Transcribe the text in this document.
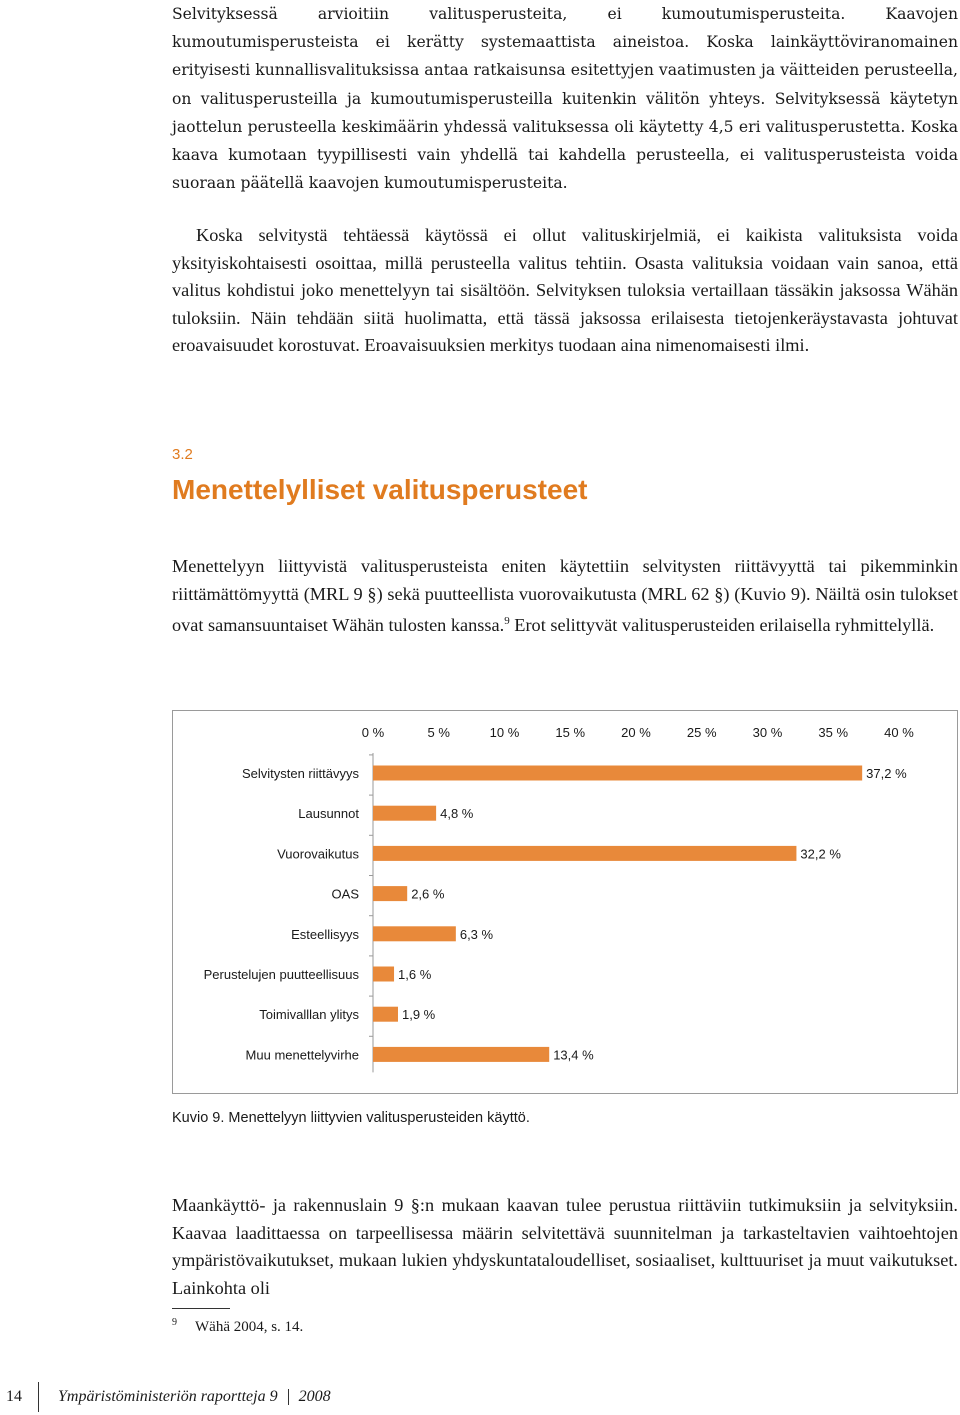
Selvityksessä arvioitiin valitusperusteita, ei kumoutumisperusteita. Kaavojen kumoutumisperusteista ei kerätty systemaattista aineistoa. Koska lainkäyttöviranomainen erityisesti kunnallisvalituksissa antaa ratkaisunsa esitettyjen vaatimusten ja väitteiden perusteella, on valitusperusteilla ja kumoutumisperusteilla kuitenkin välitön yhteys. Selvityksessä käytetyn jaottelun perusteella keskimäärin yhdessä valituksessa oli käytetty 4,5 eri valitusperustetta. Koska kaava kumotaan tyypillisesti vain yhdellä tai kahdella perusteella, ei valitusperusteista voida suoraan päätellä kaavojen kumoutumisperusteita.

Koska selvitystä tehtäessä käytössä ei ollut valituskirjelmiä, ei kaikista valituksista voida yksityiskohtaisesti osoittaa, millä perusteella valitus tehtiin. Osasta valituksia voidaan vain sanoa, että valitus kohdistui joko menettelyyn tai sisältöön. Selvityksen tuloksia vertaillaan tässäkin jaksossa Wähän tuloksiin. Näin tehdään siitä huolimatta, että tässä jaksossa erilaisesta tietojenkeräystavasta johtuvat eroavaisuudet korostuvat. Eroavaisuuksien merkitys tuodaan aina nimenomaisesti ilmi.

3.2

Menettelylliset valitusperusteet

Menettelyyn liittyvistä valitusperusteista eniten käytettiin selvitysten riittävyyttä tai pikemminkin riittämättömyyttä (MRL 9 §) sekä puutteellista vuorovaikutusta (MRL 62 §) (Kuvio 9). Näiltä osin tulokset ovat samansuuntaiset Wähän tulosten kanssa.$^9$ Erot selittyvät valitusperusteiden erilaisella ryhmittelyllä.

0 %	5 %	10 %	15 %	20 %	25 %	30 %	35 %	40 %
Selvitysten riittävyys	37,2 %
Lausunnot	4,8 %
Vuorovaikutus	32,2 %
OAS	2,6 %
Esteellisyys	6,3 %
Perustelujen puutteellisuus	1,6 %
Toimivalllan ylitys	1,9 %
Muu menettelyvirhe	13,4 %

Kuvio 9. Menettelyyn liittyvien valitusperusteiden käyttö.

Maankäyttö- ja rakennuslain 9 §:n mukaan kaavan tulee perustua riittäviin tutkimuksiin ja selvityksiin. Kaavaa laadittaessa on tarpeellisessa määrin selvitettävä suunnitelman ja tarkasteltavien vaihtoehtojen ympäristövaikutukset, mukaan lukien yhdyskuntataloudelliset, sosiaaliset, kulttuuriset ja muut vaikutukset. Lainkohta oli

$^9$ Wähä 2004, s. 14.

14 Ympäristöministeriön raportteja 9 2008
